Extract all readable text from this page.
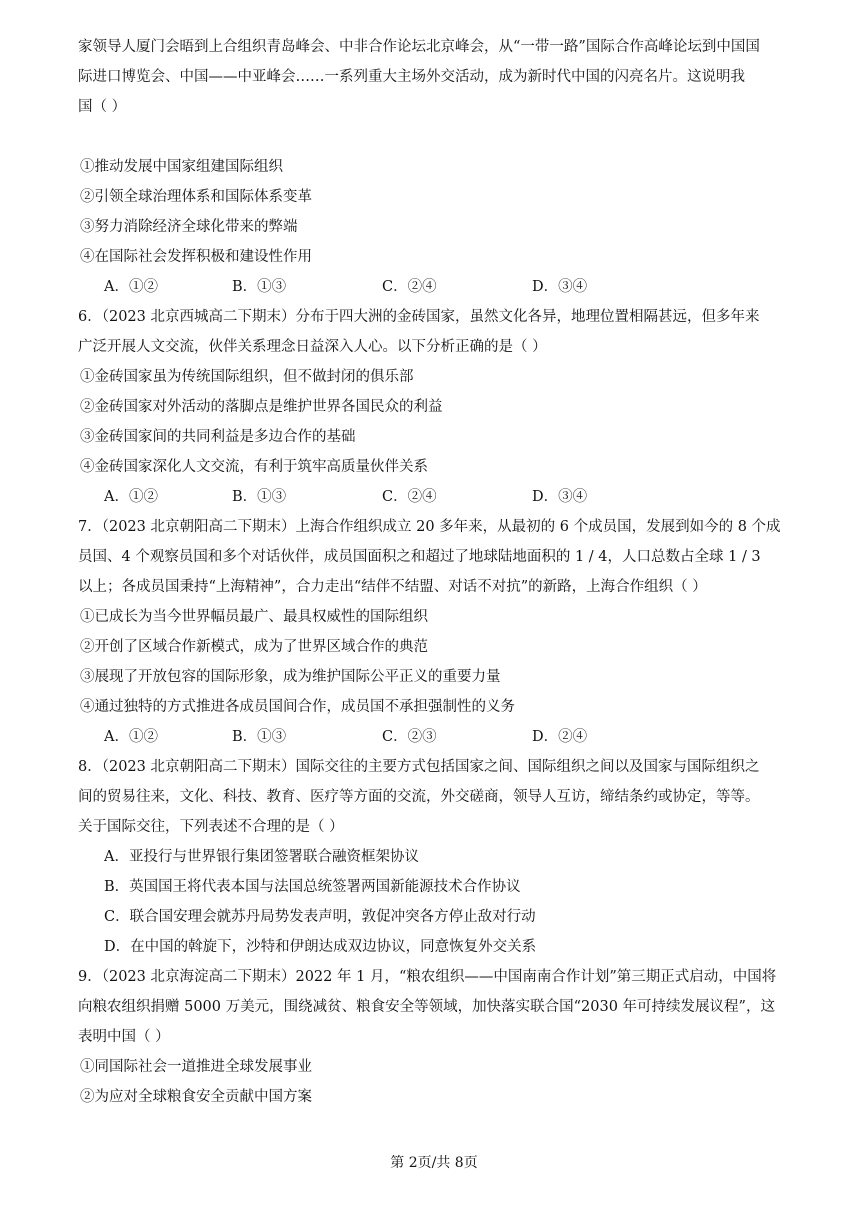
家领导人厦门会晤到上合组织青岛峰会、中非合作论坛北京峰会，从“一带一路”国际合作高峰论坛到中国国
际进口博览会、中国——中亚峰会……一系列重大主场外交活动，成为新时代中国的闪亮名片。这说明我
国（ ）
①推动发展中国家组建国际组织
②引领全球治理体系和国际体系变革
③努力消除经济全球化带来的弊端
④在国际社会发挥积极和建设性作用
A．①②	B．①③	C．②④	D．③④
6．（2023 北京西城高二下期末）分布于四大洲的金砖国家，虽然文化各异，地理位置相隔甚远，但多年来
广泛开展人文交流，伙伴关系理念日益深入人心。以下分析正确的是（ ）
①金砖国家虽为传统国际组织，但不做封闭的俱乐部
②金砖国家对外活动的落脚点是维护世界各国民众的利益
③金砖国家间的共同利益是多边合作的基础
④金砖国家深化人文交流，有利于筑牢高质量伙伴关系
A．①②	B．①③	C．②④	D．③④
7．（2023 北京朝阳高二下期末）上海合作组织成立 20 多年来，从最初的 6 个成员国，发展到如今的 8 个成
员国、4 个观察员国和多个对话伙伴，成员国面积之和超过了地球陆地面积的 1 / 4，人口总数占全球 1 / 3
以上；各成员国秉持“上海精神”，合力走出“结伴不结盟、对话不对抗”的新路，上海合作组织（ ）
①已成长为当今世界幅员最广、最具权威性的国际组织
②开创了区域合作新模式，成为了世界区域合作的典范
③展现了开放包容的国际形象，成为维护国际公平正义的重要力量
④通过独特的方式推进各成员国间合作，成员国不承担强制性的义务
A．①②	B．①③	C．②③	D．②④
8．（2023 北京朝阳高二下期末）国际交往的主要方式包括国家之间、国际组织之间以及国家与国际组织之
间的贸易往来，文化、科技、教育、医疗等方面的交流，外交磋商，领导人互访，缔结条约或协定，等等。
关于国际交往，下列表述不合理的是（ ）
A．亚投行与世界银行集团签署联合融资框架协议
B．英国国王将代表本国与法国总统签署两国新能源技术合作协议
C．联合国安理会就苏丹局势发表声明，敦促冲突各方停止敌对行动
D．在中国的斡旋下，沙特和伊朗达成双边协议，同意恢复外交关系
9．（2023 北京海淀高二下期末）2022 年 1 月，“粮农组织——中国南南合作计划”第三期正式启动，中国将
向粮农组织捐赠 5000 万美元，围绕减贫、粮食安全等领域，加快落实联合国“2030 年可持续发展议程”，这
表明中国（ ）
①同国际社会一道推进全球发展事业
②为应对全球粮食安全贡献中国方案
第 2页/共 8页
